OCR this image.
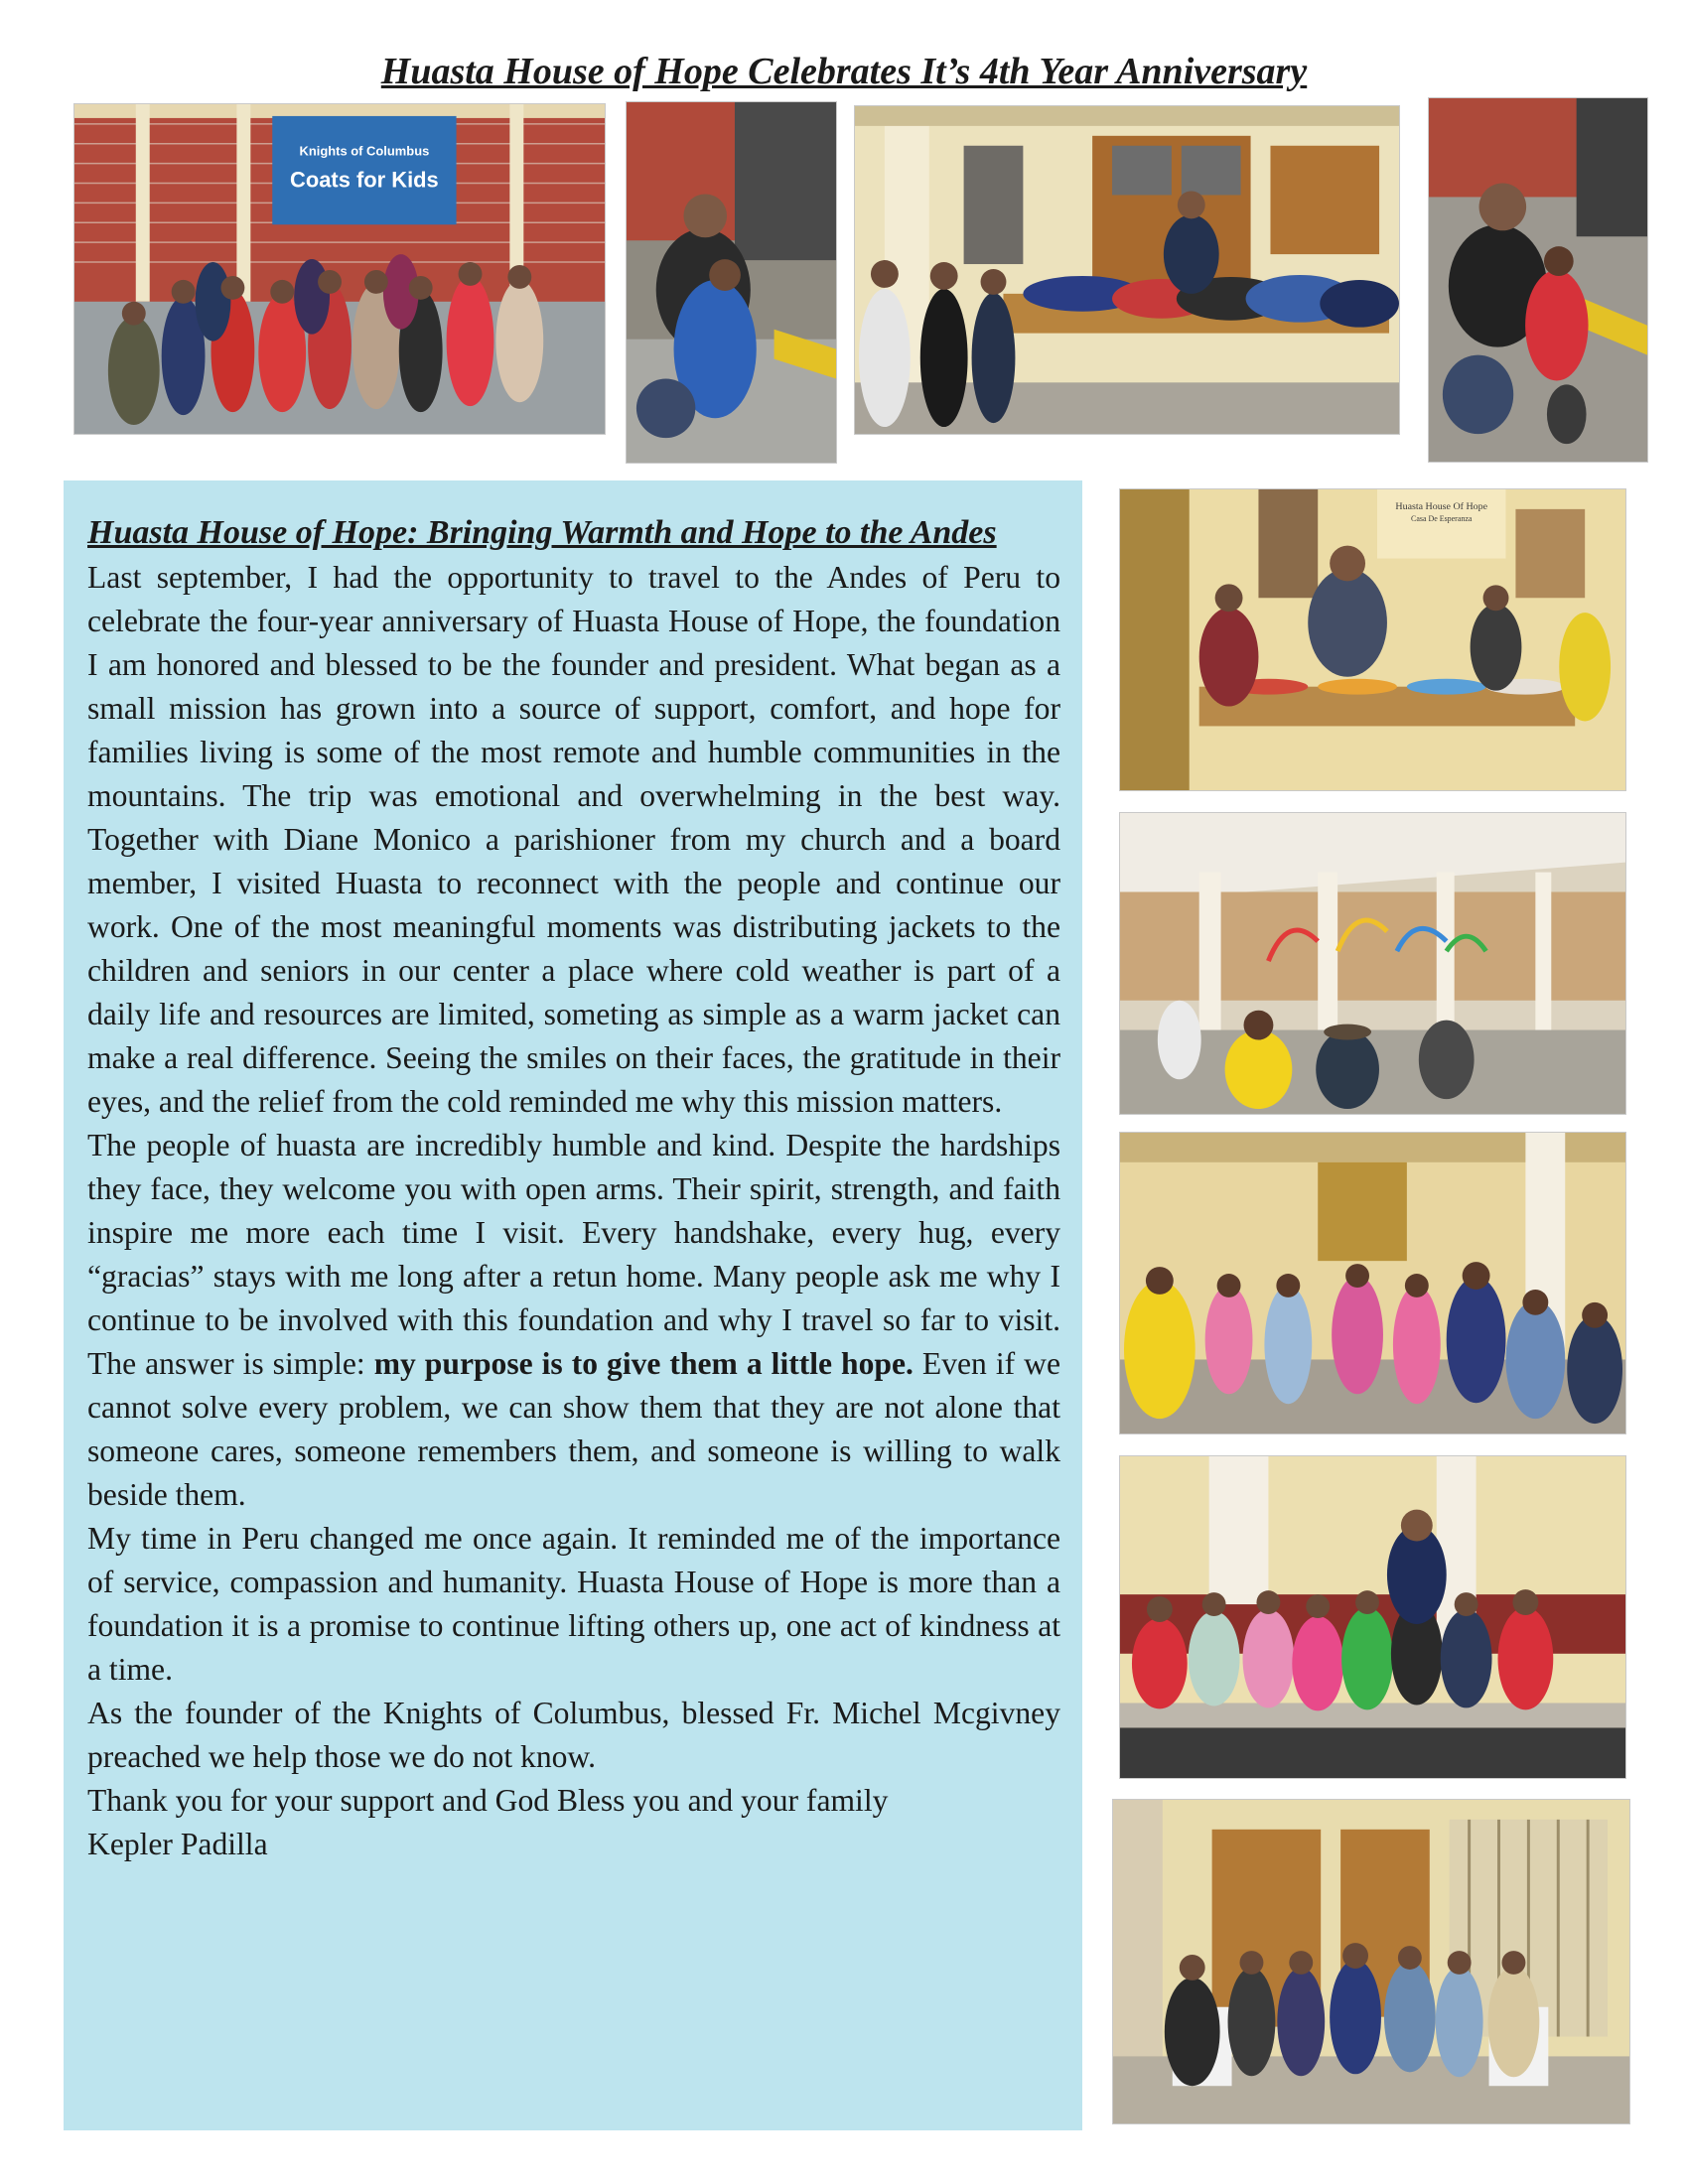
Huasta House of Hope Celebrates It’s 4th Year Anniversary
Knights of Columbus
Coats for Kids
Huasta House of Hope: Bringing Warmth and Hope to the Andes

Last september, I had the opportunity to travel to the Andes of Peru to celebrate the four-year anniversary of Huasta House of Hope, the foundation I am honored and blessed to be the founder and president. What began as a small mission has grown into a source of support, comfort, and hope for families living is some of the most remote and humble communities in the mountains. The trip was emotional and overwhelming in the best way. Together with Diane Monico a parishioner from my church and a board member, I visited Huasta to reconnect with the people and continue our work. One of the most meaningful moments was distributing jackets to the children and seniors in our center a place where cold weather is part of a daily life and resources are limited, someting as simple as a warm jacket can make a real difference. Seeing the smiles on their faces, the gratitude in their eyes, and the relief from the cold reminded me why this mission matters.

The people of huasta are incredibly humble and kind. Despite the hardships they face, they welcome you with open arms. Their spirit, strength, and faith inspire me more each time I visit. Every handshake, every hug, every “gracias” stays with me long after a retun home. Many people ask me why I continue to be involved with this foundation and why I travel so far to visit. The answer is simple: my purpose is to give them a little hope. Even if we cannot solve every problem, we can show them that they are not alone that someone cares, someone remembers them, and someone is willing to walk beside them.

My time in Peru changed me once again. It reminded me of the importance of service, compassion and humanity. Huasta House of Hope is more than a foundation it is a promise to continue lifting others up, one act of kindness at a time.

As the founder of the Knights of Columbus, blessed Fr. Michel Mcgivney preached we help those we do not know.

Thank you for your support and God Bless you and your family

Kepler Padilla

Huasta House Of Hope
Casa De Esperanza
